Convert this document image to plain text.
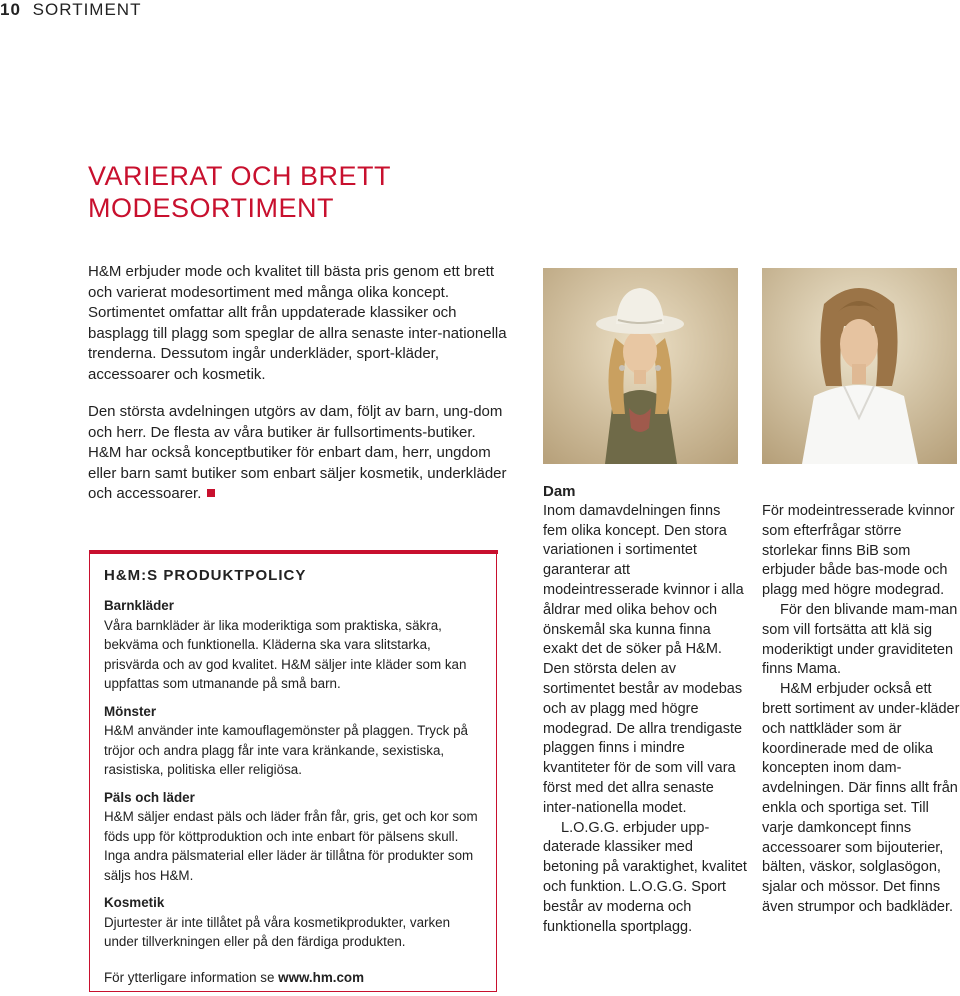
10 SORTIMENT
VARIERAT OCH BRETT
MODESORTIMENT

H&M erbjuder mode och kvalitet till bästa pris genom ett brett och varierat modesortiment med många olika koncept. Sortimentet omfattar allt från uppdaterade klassiker och basplagg till plagg som speglar de allra senaste inter-nationella trenderna. Dessutom ingår underkläder, sport-kläder, accessoarer och kosmetik.

Den största avdelningen utgörs av dam, följt av barn, ung-dom och herr. De flesta av våra butiker är fullsortiments-butiker. H&M har också konceptbutiker för enbart dam, herr, ungdom eller barn samt butiker som enbart säljer kosmetik, underkläder och accessoarer.

H&M:S PRODUKTPOLICY
Barnkläder

Våra barnkläder är lika moderiktiga som praktiska, säkra, bekväma och funktionella. Kläderna ska vara slitstarka, prisvärda och av god kvalitet. H&M säljer inte kläder som kan uppfattas som utmanande på små barn.

Mönster

H&M använder inte kamouflagemönster på plaggen. Tryck på tröjor och andra plagg får inte vara kränkande, sexistiska, rasistiska, politiska eller religiösa.

Päls och läder

H&M säljer endast päls och läder från får, gris, get och kor som föds upp för köttproduktion och inte enbart för pälsens skull. Inga andra pälsmaterial eller läder är tillåtna för produkter som säljs hos H&M.

Kosmetik

Djurtester är inte tillåtet på våra kosmetikprodukter, varken under tillverkningen eller på den färdiga produkten.

För ytterligare information se www.hm.com

Dam

Inom damavdelningen finns fem olika koncept. Den stora variationen i sortimentet garanterar att modeintresserade kvinnor i alla åldrar med olika behov och önskemål ska kunna finna exakt det de söker på H&M. Den största delen av sortimentet består av modebas och av plagg med högre modegrad. De allra trendigaste plaggen finns i mindre kvantiteter för de som vill vara först med det allra senaste inter-nationella modet.

L.O.G.G. erbjuder upp-daterade klassiker med betoning på varaktighet, kvalitet och funktion. L.O.G.G. Sport består av moderna och funktionella sportplagg.

För modeintresserade kvinnor som efterfrågar större storlekar finns BiB som erbjuder både bas-mode och plagg med högre modegrad.

För den blivande mam-man som vill fortsätta att klä sig moderiktigt under graviditeten finns Mama.

H&M erbjuder också ett brett sortiment av under-kläder och nattkläder som är koordinerade med de olika koncepten inom dam-avdelningen. Där finns allt från enkla och sportiga set. Till varje damkoncept finns accessoarer som bijouterier, bälten, väskor, solglasögon, sjalar och mössor. Det finns även strumpor och badkläder.
